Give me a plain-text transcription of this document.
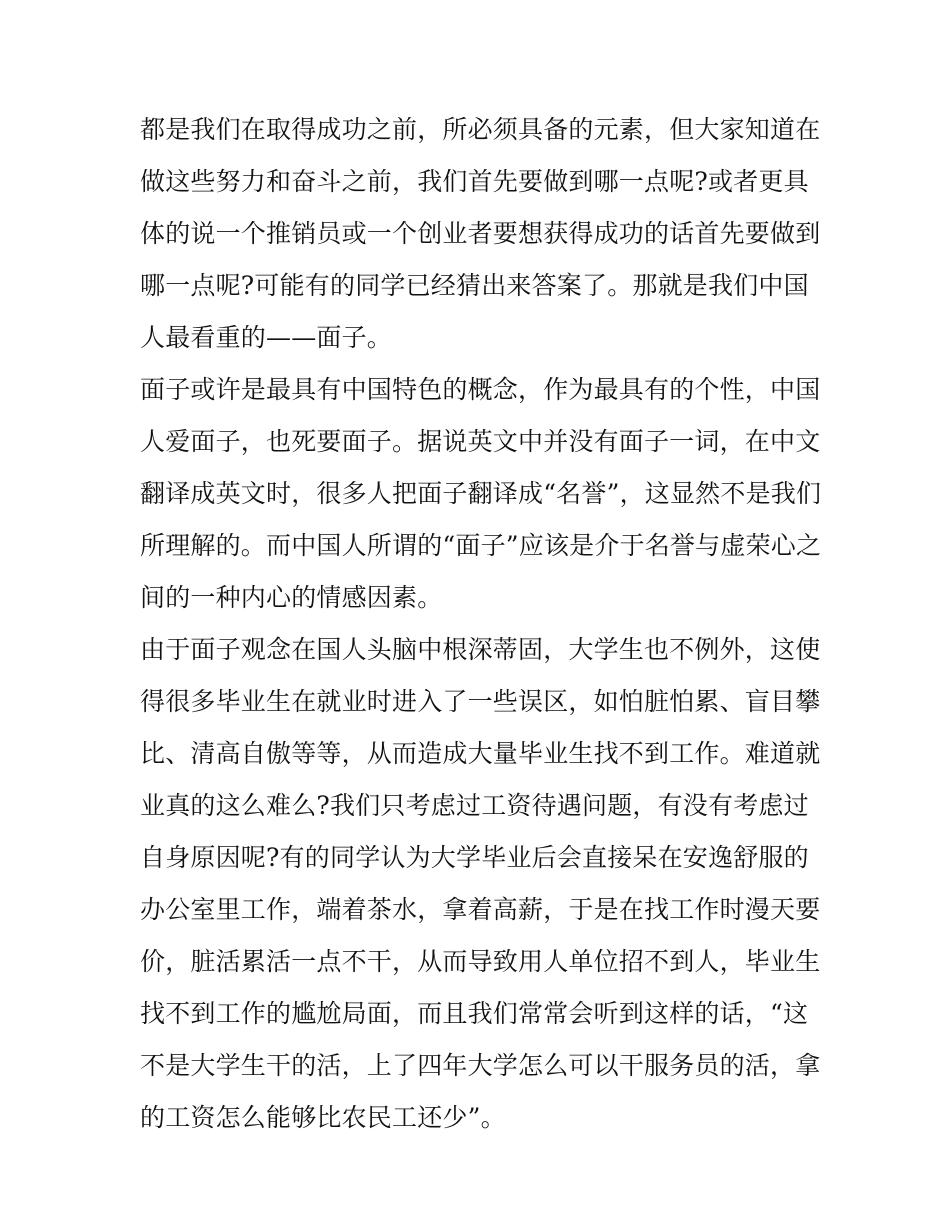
都是我们在取得成功之前，所必须具备的元素，但大家知道在
做这些努力和奋斗之前，我们首先要做到哪一点呢?或者更具
体的说一个推销员或一个创业者要想获得成功的话首先要做到
哪一点呢?可能有的同学已经猜出来答案了。那就是我们中国
人最看重的——面子。
面子或许是最具有中国特色的概念，作为最具有的个性，中国
人爱面子，也死要面子。据说英文中并没有面子一词，在中文
翻译成英文时，很多人把面子翻译成“名誉”，这显然不是我们
所理解的。而中国人所谓的“面子”应该是介于名誉与虚荣心之
间的一种内心的情感因素。
由于面子观念在国人头脑中根深蒂固，大学生也不例外，这使
得很多毕业生在就业时进入了一些误区，如怕脏怕累、盲目攀
比、清高自傲等等，从而造成大量毕业生找不到工作。难道就
业真的这么难么?我们只考虑过工资待遇问题，有没有考虑过
自身原因呢?有的同学认为大学毕业后会直接呆在安逸舒服的
办公室里工作，端着茶水，拿着高薪，于是在找工作时漫天要
价，脏活累活一点不干，从而导致用人单位招不到人，毕业生
找不到工作的尴尬局面，而且我们常常会听到这样的话，“这
不是大学生干的活，上了四年大学怎么可以干服务员的活，拿
的工资怎么能够比农民工还少”。
